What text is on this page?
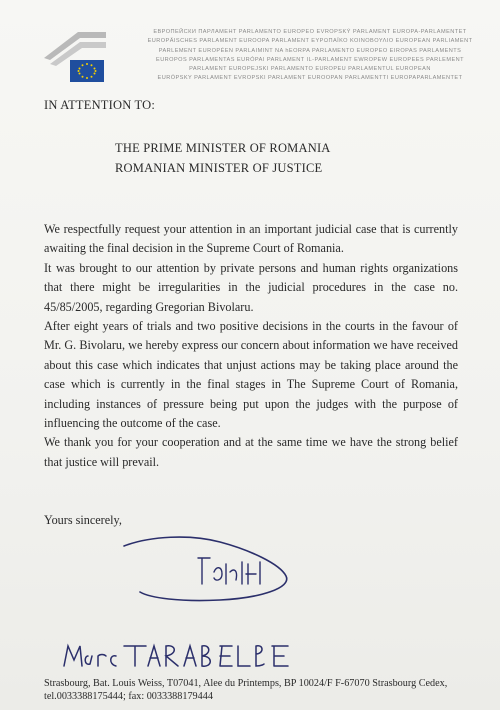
ЕВРОПЕЙСКИ ПАРЛАМЕНТ PARLAMENTO EUROPEO EVROPSKÝ PARLAMENT EUROPA-PARLAMENTET
EUROPÄISCHES PARLAMENT EUROOPA PARLAMENT ΕΥΡΩΠΑΪΚΟ ΚΟΙΝΟΒΟΥΛΙΟ EUROPEAN PARLIAMENT
PARLEMENT EUROPÉEN PARLAIMINT NA hEORPA PARLAMENTO EUROPEO EIROPAS PARLAMENTS
EUROPOS PARLAMENTAS EURÓPAI PARLAMENT IL-PARLAMENT EWROPEW EUROPEES PARLEMENT
PARLAMENT EUROPEJSKI PARLAMENTO EUROPEU PARLAMENTUL EUROPEAN
EURÓPSKY PARLAMENT EVROPSKI PARLAMENT EUROOPAN PARLAMENTTI EUROPAPARLAMENTET
IN ATTENTION TO:
THE PRIME MINISTER OF ROMANIA
ROMANIAN MINISTER OF JUSTICE

We respectfully request your attention in an important judicial case that is currently awaiting the final decision in the Supreme Court of Romania.

It was brought to our attention by private persons and human rights organizations that there might be irregularities in the judicial procedures in the case no. 45/85/2005, regarding Gregorian Bivolaru.

After eight years of trials and two positive decisions in the courts in the favour of Mr. G. Bivolaru, we hereby express our concern about information we have received about this case which indicates that unjust actions may be taking place around the case which is currently in the final stages in The Supreme Court of Romania, including instances of pressure being put upon the judges with the purpose of influencing the outcome of the case.

We thank you for your cooperation and at the same time we have the strong belief that justice will prevail.

Yours sincerely,
Strasbourg, Bat. Louis Weiss, T07041, Alee du Printemps, BP 10024/F F-67070 Strasbourg Cedex,
tel.0033388175444; fax: 0033388179444
